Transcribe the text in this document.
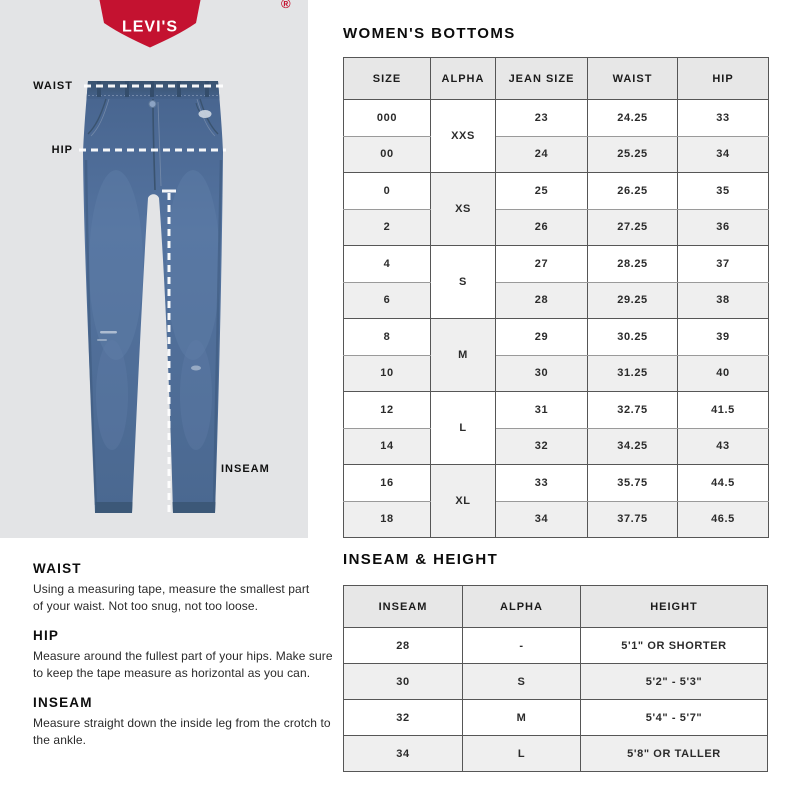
LEVI'S
®
WAIST
HIP
INSEAM
WAIST
Using a measuring tape, measure the smallest part
of your waist. Not too snug, not too loose.
HIP
Measure around the fullest part of your hips. Make sure
to keep the tape measure as horizontal as you can.
INSEAM
Measure straight down the inside leg from the crotch to
the ankle.
WOMEN'S BOTTOMS
SIZE	ALPHA	JEAN SIZE	WAIST	HIP
000	XXS	23	24.25	33
00		24	25.25	34
0	XS	25	26.25	35
2		26	27.25	36
4	S	27	28.25	37
6		28	29.25	38
8	M	29	30.25	39
10		30	31.25	40
12	L	31	32.75	41.5
14		32	34.25	43
16	XL	33	35.75	44.5
18		34	37.75	46.5
INSEAM & HEIGHT
INSEAM	ALPHA	HEIGHT
28	-	5'1" OR SHORTER
30	S	5'2" - 5'3"
32	M	5'4" - 5'7"
34	L	5'8" OR TALLER
